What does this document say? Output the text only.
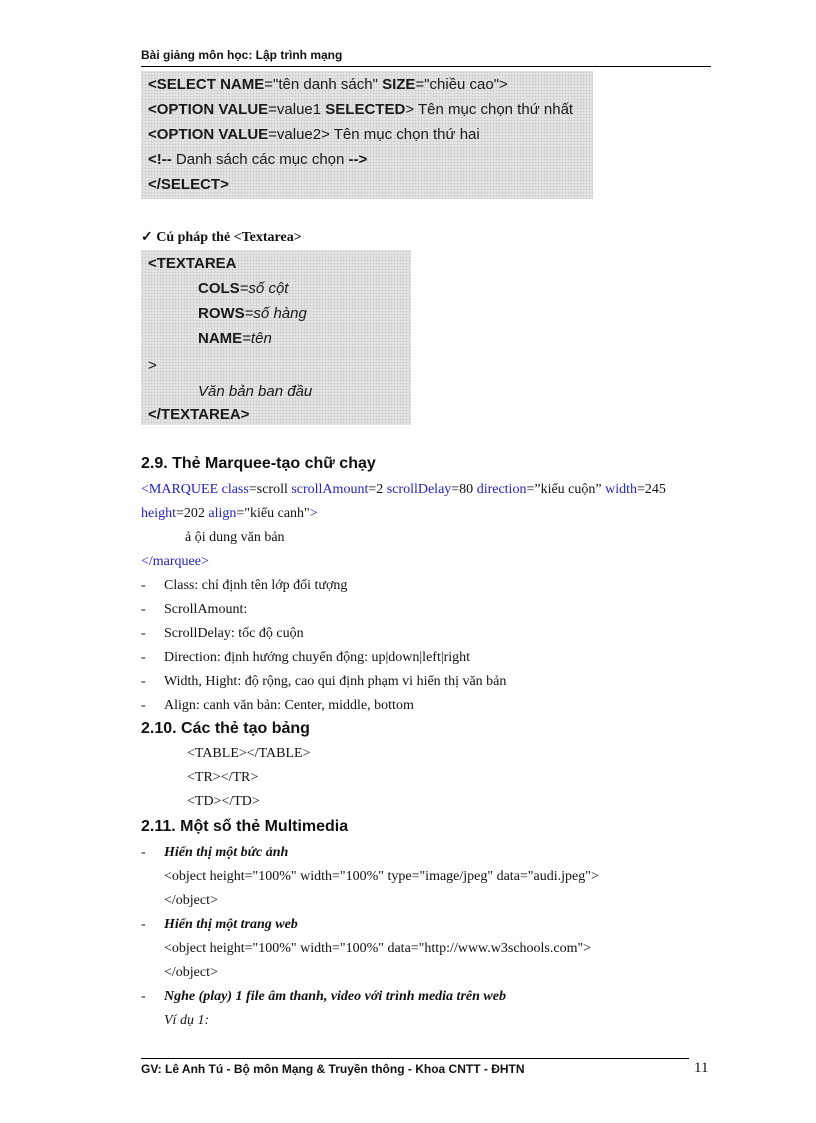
Bài giảng môn học: Lập trình mạng
<SELECT NAME="tên danh sách" SIZE="chiều cao">
<OPTION VALUE=value1 SELECTED> Tên mục chọn thứ nhất
<OPTION VALUE=value2> Tên mục chọn thứ hai
<!-- Danh sách các mục chọn -->
</SELECT>
✓ Cú pháp thẻ <Textarea>
<TEXTAREA
COLS=số cột
ROWS=số hàng
NAME=tên
>
Văn bản ban đầu
</TEXTAREA>
2.9. Thẻ Marquee-tạo chữ chạy
<MARQUEE class=scroll scrollAmount=2 scrollDelay=80 direction=”kiểu cuộn” width=245
height=202 align="kiểu canh">
ả ội dung văn bản
</marquee>
- Class: chỉ định tên lớp đối tượng
- ScrollAmount:
- ScrollDelay: tốc độ cuộn
- Direction: định hướng chuyển động: up|down|left|right
- Width, Hight: độ rộng, cao qui định phạm vi hiển thị văn bản
- Align: canh văn bản: Center, middle, bottom
2.10. Các thẻ tạo bảng
<TABLE></TABLE>
<TR></TR>
<TD></TD>
2.11. Một số thẻ Multimedia
- Hiển thị một bức ảnh
<object height="100%" width="100%" type="image/jpeg" data="audi.jpeg">
</object>
- Hiển thị một trang web
<object height="100%" width="100%" data="http://www.w3schools.com">
</object>
- Nghe (play) 1 file âm thanh, video với trình media trên web
Ví dụ 1:
GV: Lê Anh Tú - Bộ môn Mạng & Truyền thông - Khoa CNTT - ĐHTN	11
